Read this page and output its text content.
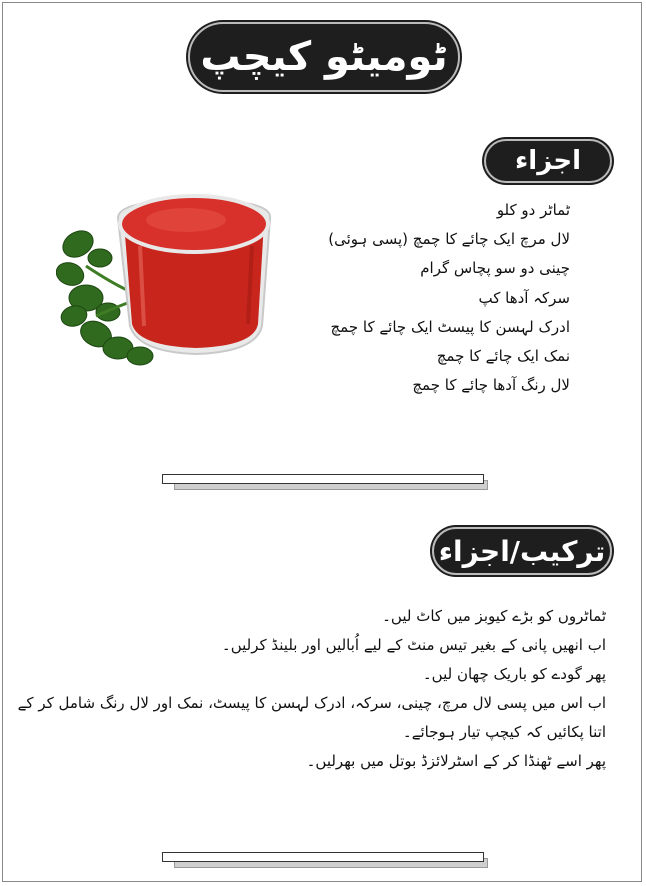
ٹومیٹو کیچپ
اجزاء
ٹماٹر دو کلو
لال مرچ ایک چائے کا چمچ (پسی ہوئی)
چینی دو سو پچاس گرام
سرکہ آدھا کپ
ادرک لہسن کا پیسٹ ایک چائے کا چمچ
نمک ایک چائے کا چمچ
لال رنگ آدھا چائے کا چمچ
ترکیب/اجزاء
ٹماٹروں کو بڑے کیوبز میں کاٹ لیں۔
اب انھیں پانی کے بغیر تیس منٹ کے لیے اُبالیں اور بلینڈ کرلیں۔
پھر گودے کو باریک چھان لیں۔
اب اس میں پسی لال مرچ، چینی، سرکہ، ادرک لہسن کا پیسٹ، نمک اور لال رنگ شامل کر کے اتنا پکائیں کہ کیچپ تیار ہوجائے۔
پھر اسے ٹھنڈا کر کے اسٹرلائزڈ بوتل میں بھرلیں۔
